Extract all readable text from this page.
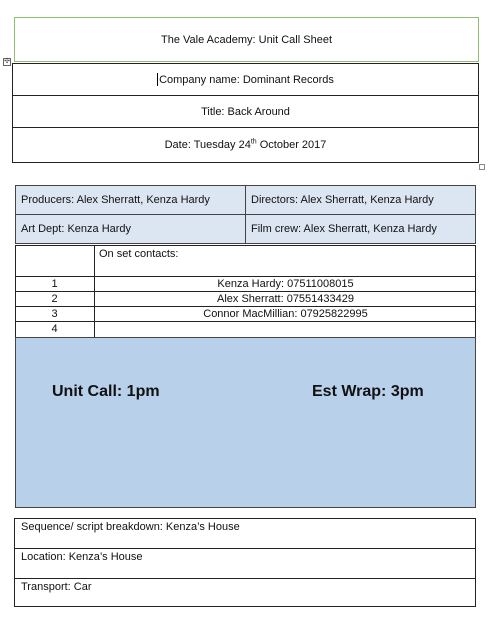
The Vale Academy: Unit Call Sheet
✣
Company name: Dominant Records
Title: Back Around
Date: Tuesday 24th October 2017
Producers: Alex Sherratt, Kenza Hardy	Directors: Alex Sherratt, Kenza Hardy
Art Dept: Kenza Hardy	Film crew: Alex Sherratt, Kenza Hardy
On set contacts:
1	Kenza Hardy: 07511008015
2	Alex Sherratt: 07551433429
3	Connor MacMillian: 07925822995
4
Unit Call: 1pm	Est Wrap: 3pm
Sequence/ script breakdown: Kenza’s House
Location: Kenza’s House
Transport: Car
